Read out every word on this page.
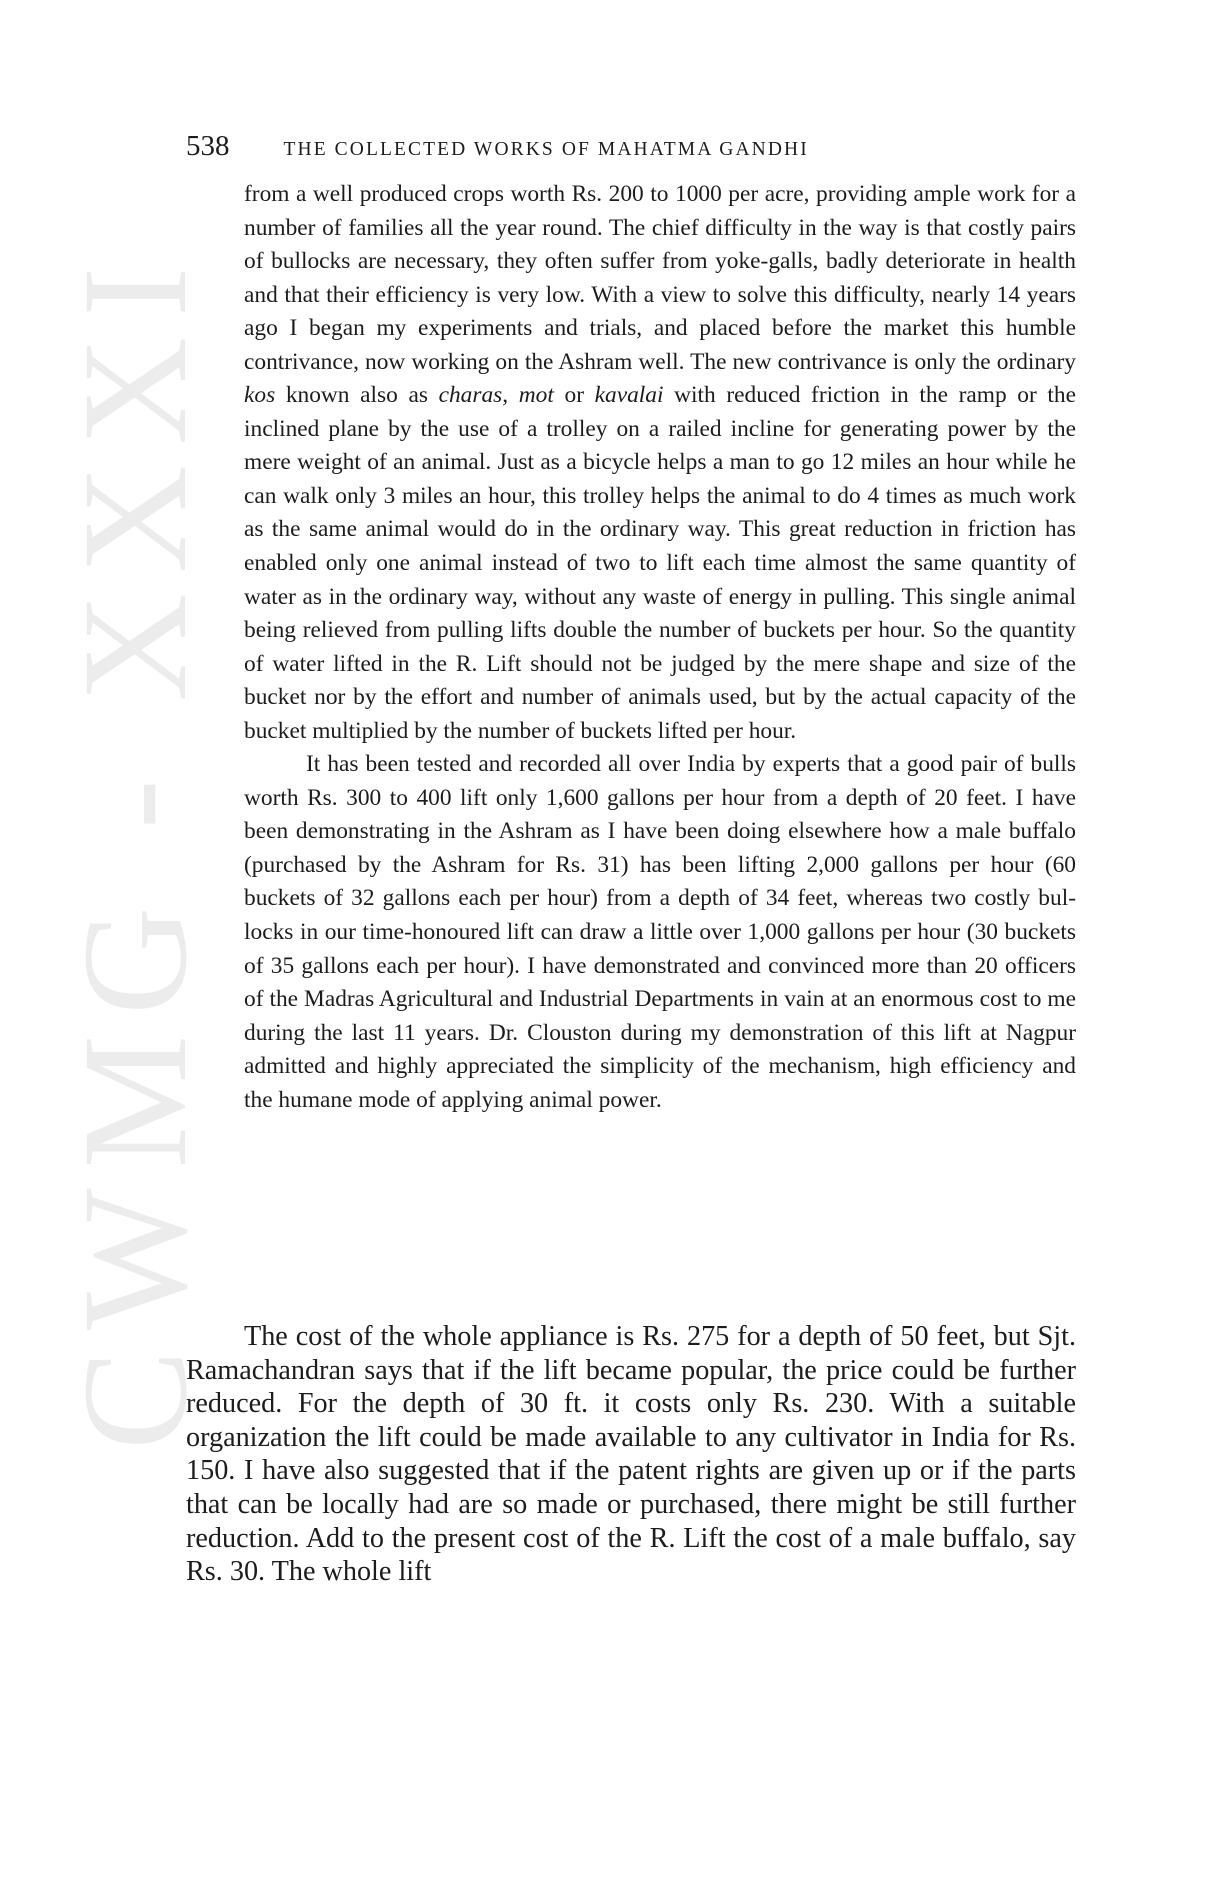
CWMG - XXXI
538	THE COLLECTED WORKS OF MAHATMA GANDHI

from a well produced crops worth Rs. 200 to 1000 per acre, providing ample work for a number of families all the year round. The chief difficulty in the way is that costly pairs of bullocks are necessary, they often suffer from yoke-galls, badly deteriorate in health and that their efficiency is very low. With a view to solve this difficulty, nearly 14 years ago I began my experiments and trials, and placed before the market this humble contrivance, now working on the Ashram well. The new contrivance is only the ordinary kos known also as charas, mot or kavalai with reduced friction in the ramp or the inclined plane by the use of a trolley on a railed incline for generating power by the mere weight of an animal. Just as a bicycle helps a man to go 12 miles an hour while he can walk only 3 miles an hour, this trolley helps the animal to do 4 times as much work as the same animal would do in the ordinary way. This great reduction in friction has enabled only one animal instead of two to lift each time almost the same quantity of water as in the ordinary way, without any waste of energy in pulling. This single animal being relieved from pulling lifts double the number of buckets per hour. So the quantity of water lifted in the R. Lift should not be judged by the mere shape and size of the bucket nor by the effort and number of animals used, but by the actual capacity of the bucket multiplied by the number of buckets lifted per hour.

It has been tested and recorded all over India by experts that a good pair of bulls worth Rs. 300 to 400 lift only 1,600 gallons per hour from a depth of 20 feet. I have been demonstrating in the Ashram as I have been doing elsewhere how a male buffalo (purchased by the Ashram for Rs. 31) has been lifting 2,000 gallons per hour (60 buckets of 32 gallons each per hour) from a depth of 34 feet, whereas two costly bullocks in our time-honoured lift can draw a little over 1,000 gallons per hour (30 buckets of 35 gallons each per hour). I have demonstrated and convinced more than 20 officers of the Madras Agricultural and Industrial Departments in vain at an enormous cost to me during the last 11 years. Dr. Clouston during my demonstration of this lift at Nagpur admitted and highly appreciated the simplicity of the mechanism, high efficiency and the humane mode of applying animal power.

The cost of the whole appliance is Rs. 275 for a depth of 50 feet, but Sjt. Ramachandran says that if the lift became popular, the price could be further reduced. For the depth of 30 ft. it costs only Rs. 230. With a suitable organization the lift could be made available to any cultivator in India for Rs. 150. I have also suggested that if the patent rights are given up or if the parts that can be locally had are so made or purchased, there might be still further reduction. Add to the present cost of the R. Lift the cost of a male buffalo, say Rs. 30. The whole lift
